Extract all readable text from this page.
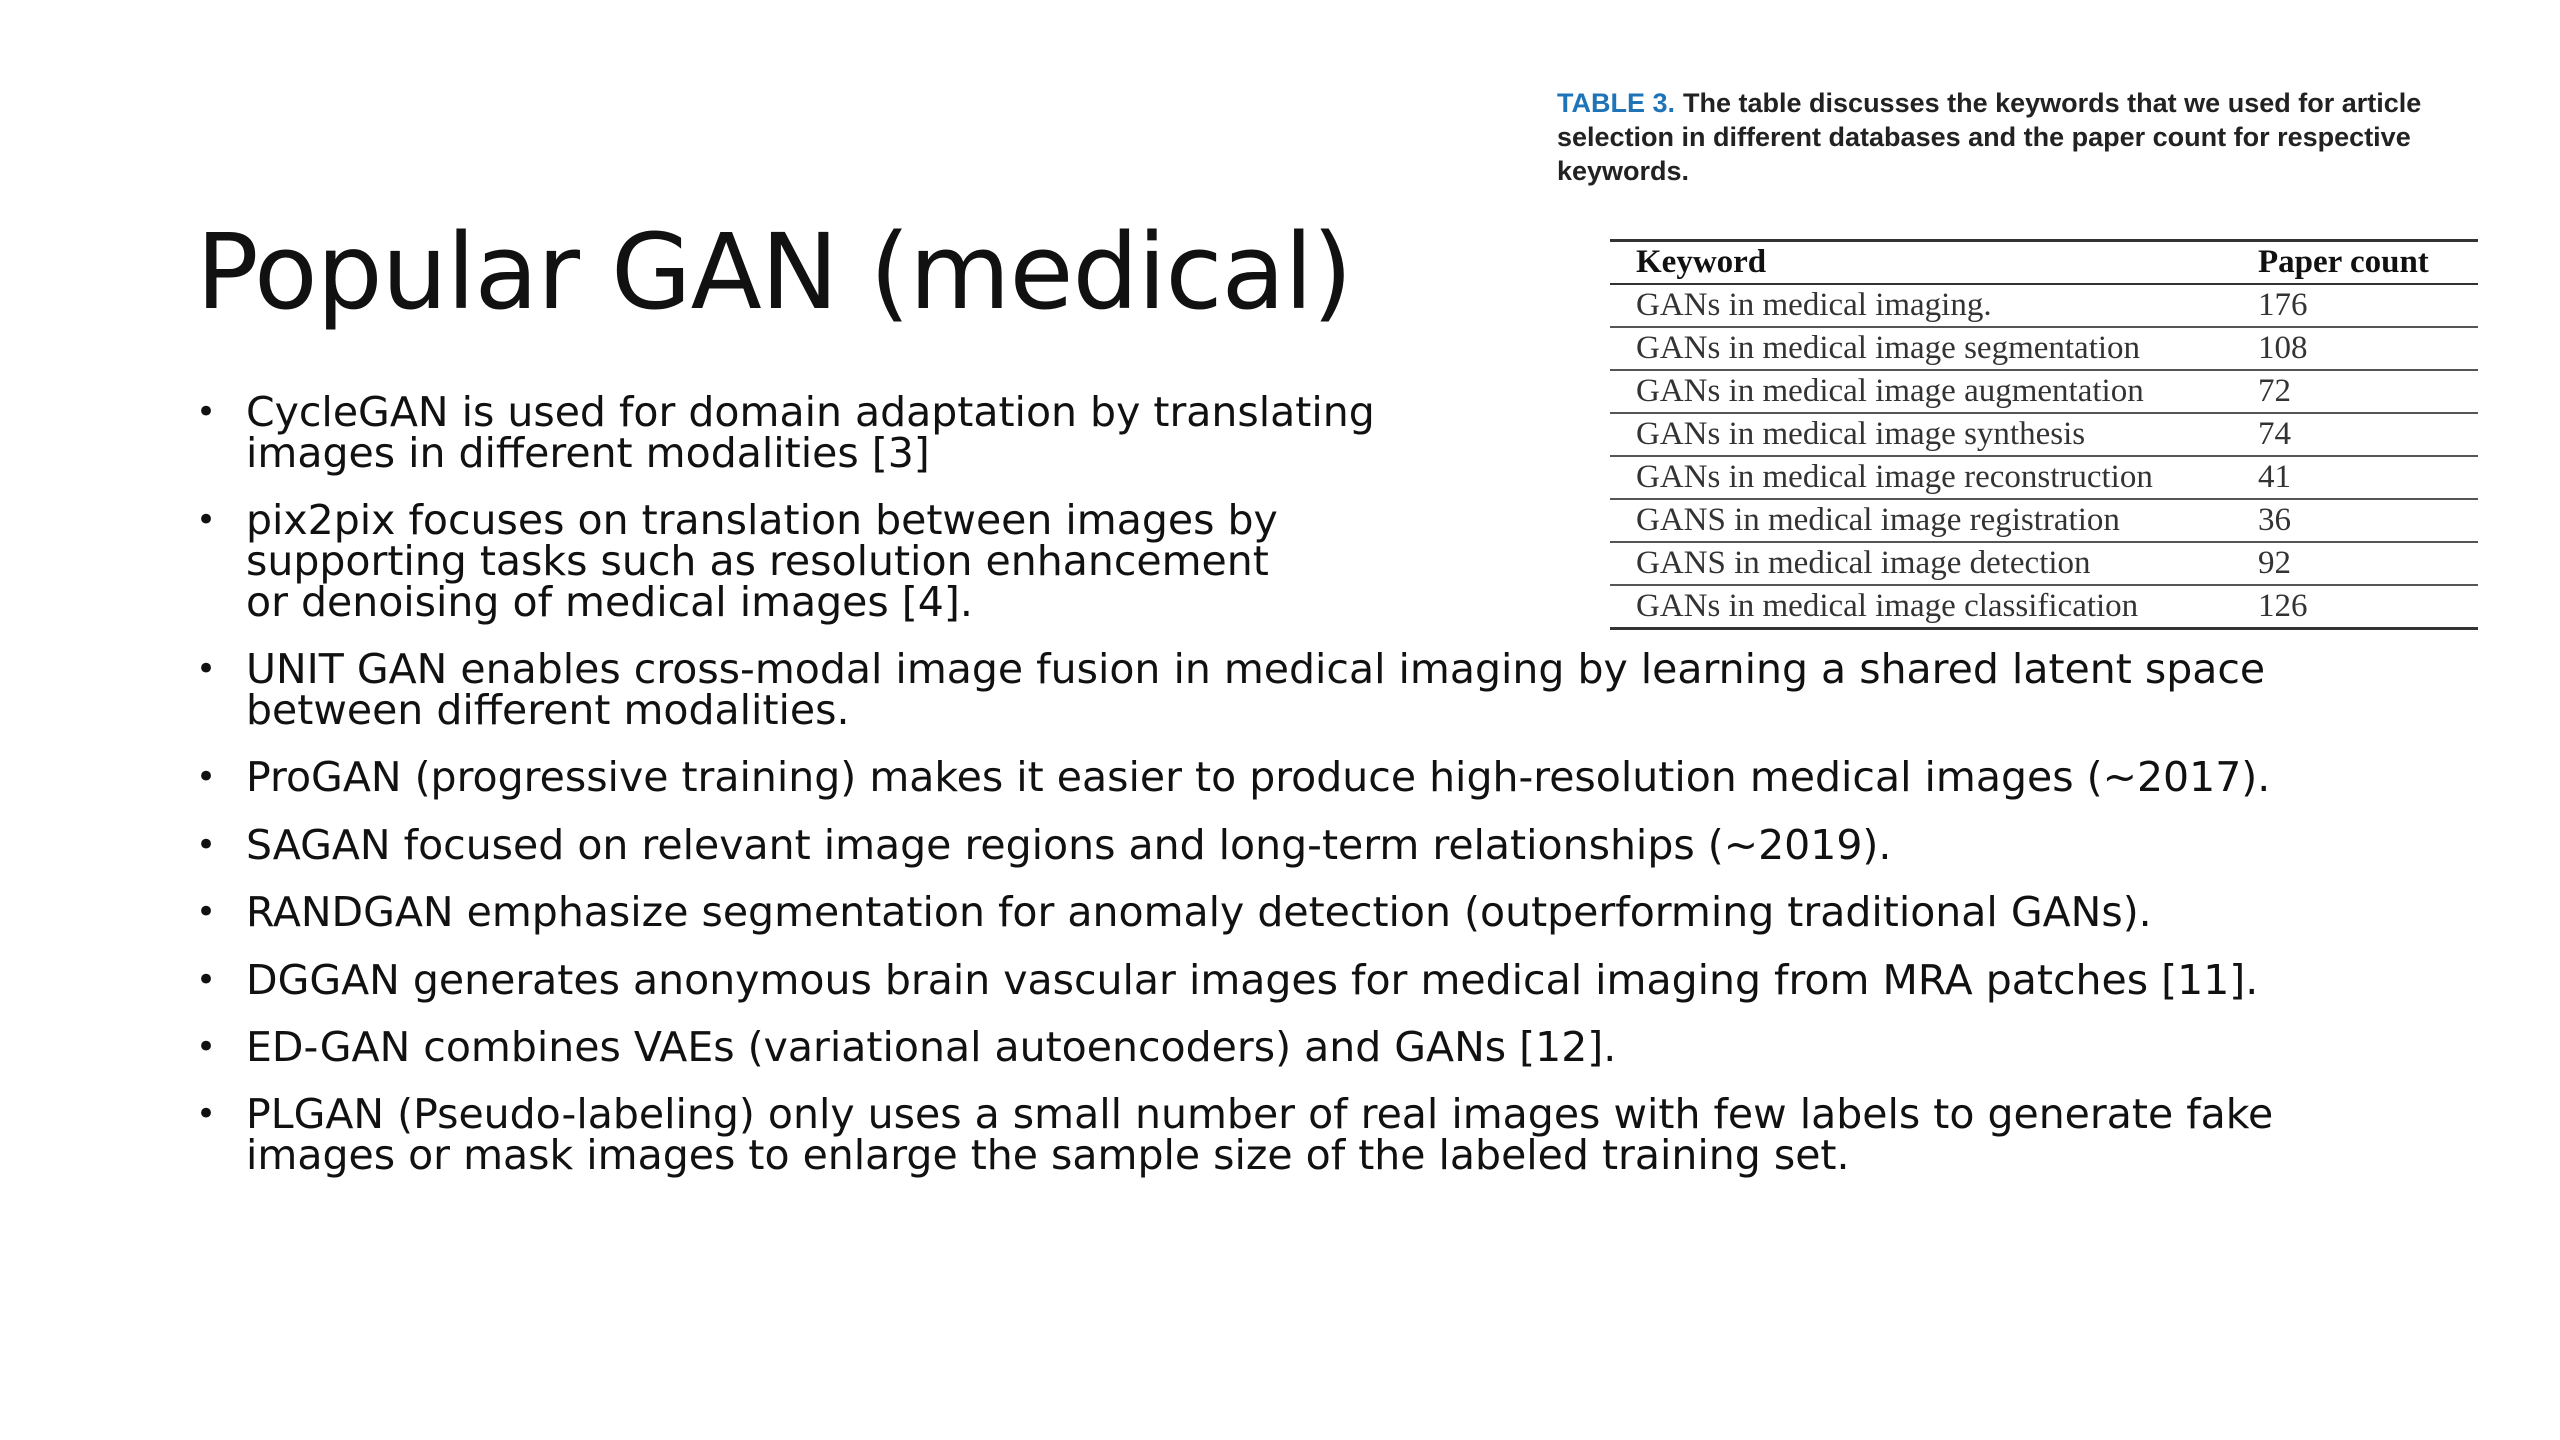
Popular GAN (medical)
TABLE 3. The table discusses the keywords that we used for article selection in different databases and the paper count for respective keywords.
Keyword	Paper count
GANs in medical imaging.	176
GANs in medical image segmentation	108
GANs in medical image augmentation	72
GANs in medical image synthesis	74
GANs in medical image reconstruction	41
GANS in medical image registration	36
GANS in medical image detection	92
GANs in medical image classification	126
• CycleGAN is used for domain adaptation by translating images in different modalities [3]
• pix2pix focuses on translation between images by supporting tasks such as resolution enhancement or denoising of medical images [4].
• UNIT GAN enables cross-modal image fusion in medical imaging by learning a shared latent space between different modalities.
• ProGAN (progressive training) makes it easier to produce high-resolution medical images (~2017).
• SAGAN focused on relevant image regions and long-term relationships (~2019).
• RANDGAN emphasize segmentation for anomaly detection (outperforming traditional GANs).
• DGGAN generates anonymous brain vascular images for medical imaging from MRA patches [11].
• ED-GAN combines VAEs (variational autoencoders) and GANs [12].
• PLGAN (Pseudo-labeling) only uses a small number of real images with few labels to generate fake images or mask images to enlarge the sample size of the labeled training set.
